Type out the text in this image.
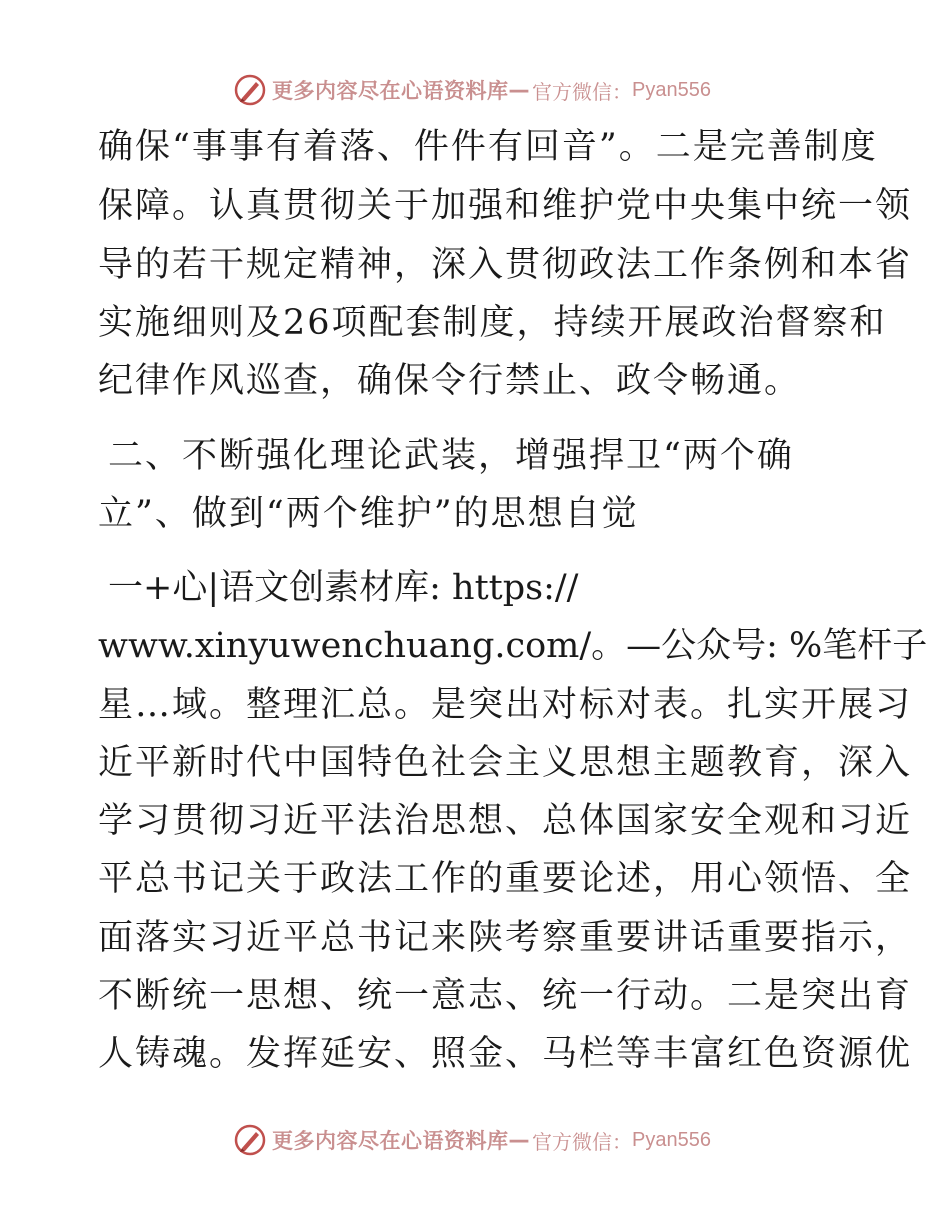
更多内容尽在心语资料库 — 官方微信： Pyan556
确保“事事有着落、件件有回音”。二是完善制度
保障。认真贯彻关于加强和维护党中央集中统一领
导的若干规定精神，深入贯彻政法工作条例和本省
实施细则及26项配套制度，持续开展政治督察和
纪律作风巡查，确保令行禁止、政令畅通。
二、不断强化理论武装，增强捍卫“两个确
立”、做到“两个维护”的思想自觉
一+心|语文创素材库: https://
www.xinyuwenchuang.com/。—公众号: %笔杆子
星…域。整理汇总。是突出对标对表。扎实开展习
近平新时代中国特色社会主义思想主题教育，深入
学习贯彻习近平法治思想、总体国家安全观和习近
平总书记关于政法工作的重要论述，用心领悟、全
面落实习近平总书记来陕考察重要讲话重要指示，
不断统一思想、统一意志、统一行动。二是突出育
人铸魂。发挥延安、照金、马栏等丰富红色资源优
更多内容尽在心语资料库 — 官方微信： Pyan556
